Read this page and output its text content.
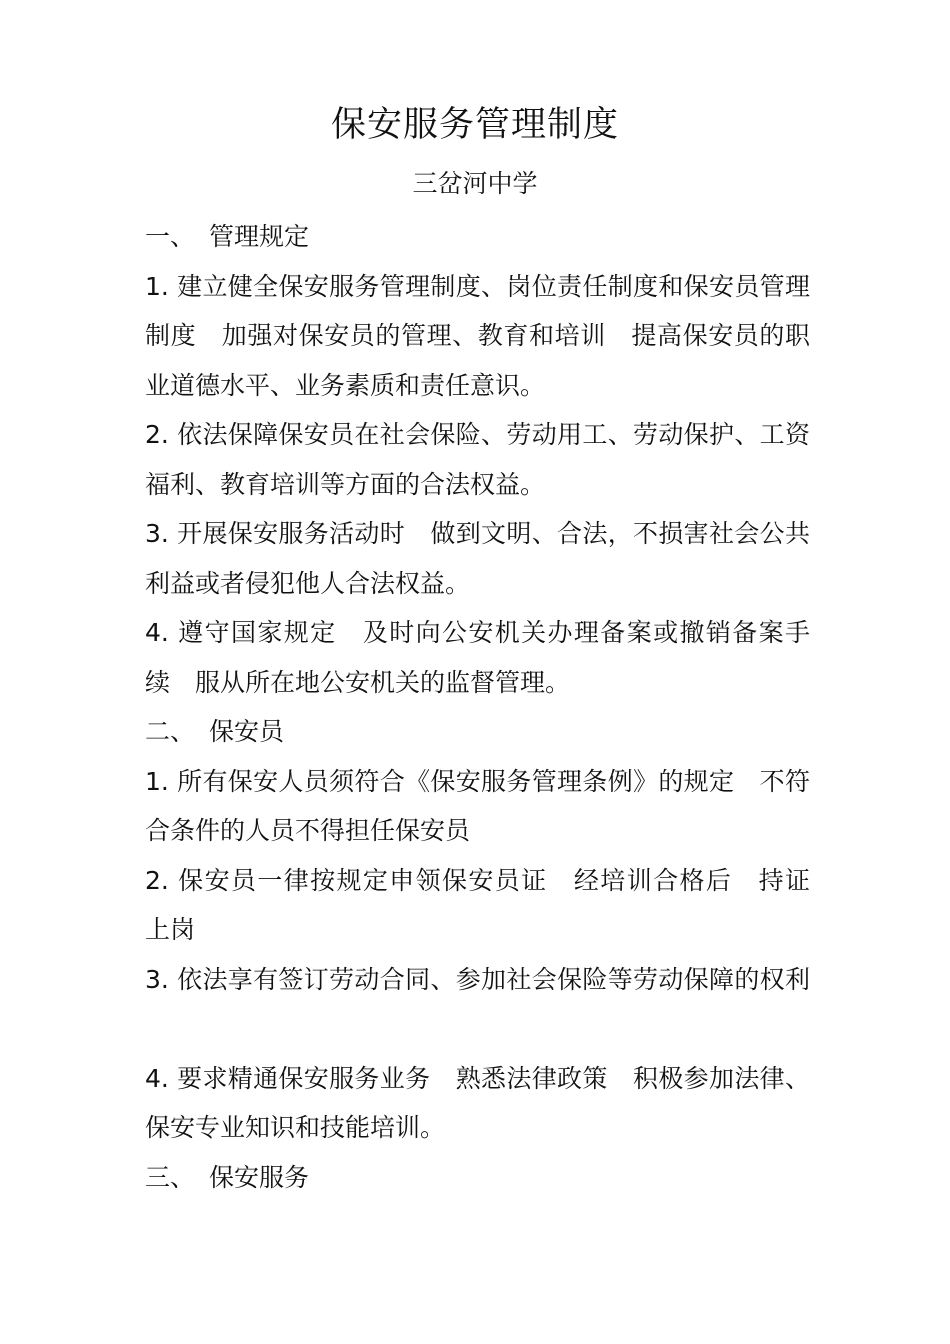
保安服务管理制度
三岔河中学
一、 管理规定
1. 建立健全保安服务管理制度、岗位责任制度和保安员管理
制度　加强对保安员的管理、教育和培训　提高保安员的职
业道德水平、业务素质和责任意识。
2. 依法保障保安员在社会保险、劳动用工、劳动保护、工资
福利、教育培训等方面的合法权益。
3. 开展保安服务活动时　做到文明、合法，不损害社会公共
利益或者侵犯他人合法权益。
4. 遵守国家规定　及时向公安机关办理备案或撤销备案手
续　服从所在地公安机关的监督管理。
二、 保安员
1. 所有保安人员须符合《保安服务管理条例》的规定　不符
合条件的人员不得担任保安员
2. 保安员一律按规定申领保安员证　经培训合格后　持证
上岗
3. 依法享有签订劳动合同、参加社会保险等劳动保障的权利
4. 要求精通保安服务业务　熟悉法律政策　积极参加法律、
保安专业知识和技能培训。
三、 保安服务
